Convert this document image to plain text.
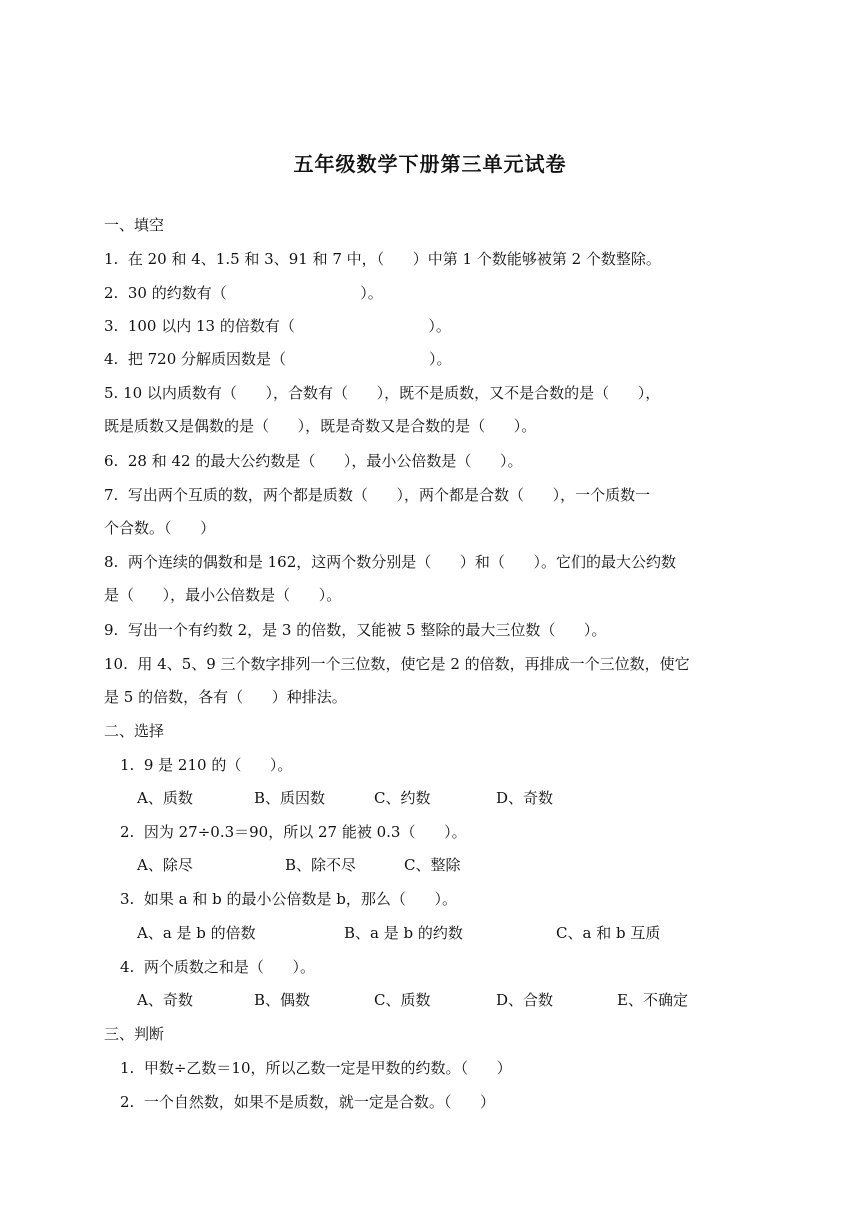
五年级数学下册第三单元试卷
一、填空
1.  在 20 和 4、1.5 和 3、91 和 7 中，（      ）中第 1 个数能够被第 2 个数整除。
2.  30 的约数有（                            ）。
3.  100 以内 13 的倍数有（                            ）。
4.  把 720 分解质因数是（                              ）。
5. 10 以内质数有（      ），合数有（      ），既不是质数，又不是合数的是（      ），
既是质数又是偶数的是（      ），既是奇数又是合数的是（      ）。
6.  28 和 42 的最大公约数是（      ），最小公倍数是（      ）。
7.  写出两个互质的数，两个都是质数（      ），两个都是合数（      ），一个质数一
个合数。（      ）
8.  两个连续的偶数和是 162，这两个数分别是（      ）和（      ）。它们的最大公约数
是（      ），最小公倍数是（      ）。
9.  写出一个有约数 2，是 3 的倍数，又能被 5 整除的最大三位数（      ）。
10.  用 4、5、9 三个数字排列一个三位数，使它是 2 的倍数，再排成一个三位数，使它
是 5 的倍数，各有（      ）种排法。
二、选择
1.  9 是 210 的（      ）。
A、质数	B、质因数	C、约数	D、奇数
2.  因为 27÷0.3＝90，所以 27 能被 0.3（      ）。
A、除尽	B、除不尽	C、整除
3.  如果 a 和 b 的最小公倍数是 b，那么（      ）。
A、a 是 b 的倍数	B、a 是 b 的约数	C、a 和 b 互质
4.  两个质数之和是（      ）。
A、奇数	B、偶数	C、质数	D、合数	E、不确定
三、判断
1.  甲数÷乙数＝10，所以乙数一定是甲数的约数。（      ）
2.  一个自然数，如果不是质数，就一定是合数。（      ）
